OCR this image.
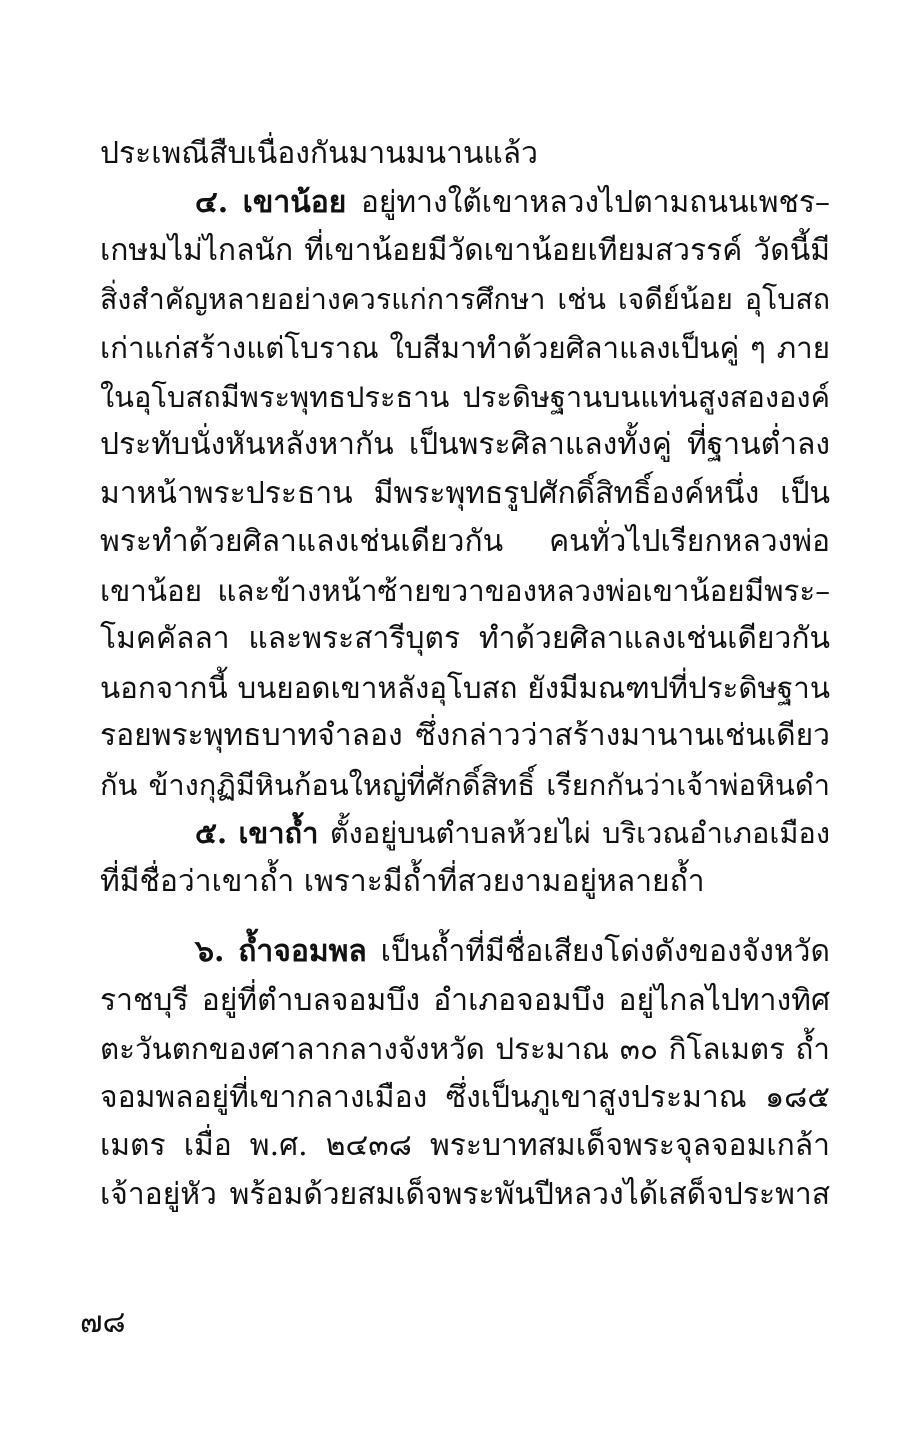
ประเพณีสืบเนื่องกันมานมนานแล้ว
๔. เขาน้อย อยู่ทางใต้เขาหลวงไปตามถนนเพชร–
เกษมไม่ไกลนัก ที่เขาน้อยมีวัดเขาน้อยเทียมสวรรค์ วัดนี้มี
สิ่งสำคัญหลายอย่างควรแก่การศึกษา เช่น เจดีย์น้อย อุโบสถ
เก่าแก่สร้างแต่โบราณ ใบสีมาทำด้วยศิลาแลงเป็นคู่ ๆ ภาย
ในอุโบสถมีพระพุทธประธาน ประดิษฐานบนแท่นสูงสององค์
ประทับนั่งหันหลังหากัน เป็นพระศิลาแลงทั้งคู่ ที่ฐานต่ำลง
มาหน้าพระประธาน มีพระพุทธรูปศักดิ์สิทธิ์องค์หนึ่ง เป็น
พระทำด้วยศิลาแลงเช่นเดียวกัน คนทั่วไปเรียกหลวงพ่อ
เขาน้อย และข้างหน้าซ้ายขวาของหลวงพ่อเขาน้อยมีพระ–
โมคคัลลา และพระสารีบุตร ทำด้วยศิลาแลงเช่นเดียวกัน
นอกจากนี้ บนยอดเขาหลังอุโบสถ ยังมีมณฑปที่ประดิษฐาน
รอยพระพุทธบาทจำลอง ซึ่งกล่าวว่าสร้างมานานเช่นเดียว
กัน ข้างกุฏิมีหินก้อนใหญ่ที่ศักดิ์สิทธิ์ เรียกกันว่าเจ้าพ่อหินดำ
๕. เขาถ้ำ ตั้งอยู่บนตำบลห้วยไผ่ บริเวณอำเภอเมือง
ที่มีชื่อว่าเขาถ้ำ เพราะมีถ้ำที่สวยงามอยู่หลายถ้ำ
๖. ถ้ำจอมพล เป็นถ้ำที่มีชื่อเสียงโด่งดังของจังหวัด
ราชบุรี อยู่ที่ตำบลจอมบึง อำเภอจอมบึง อยู่ไกลไปทางทิศ
ตะวันตกของศาลากลางจังหวัด ประมาณ ๓๐ กิโลเมตร ถ้ำ
จอมพลอยู่ที่เขากลางเมือง ซึ่งเป็นภูเขาสูงประมาณ ๑๘๕
เมตร เมื่อ พ.ศ. ๒๔๓๘ พระบาทสมเด็จพระจุลจอมเกล้า
เจ้าอยู่หัว พร้อมด้วยสมเด็จพระพันปีหลวงได้เสด็จประพาส
๗๘
